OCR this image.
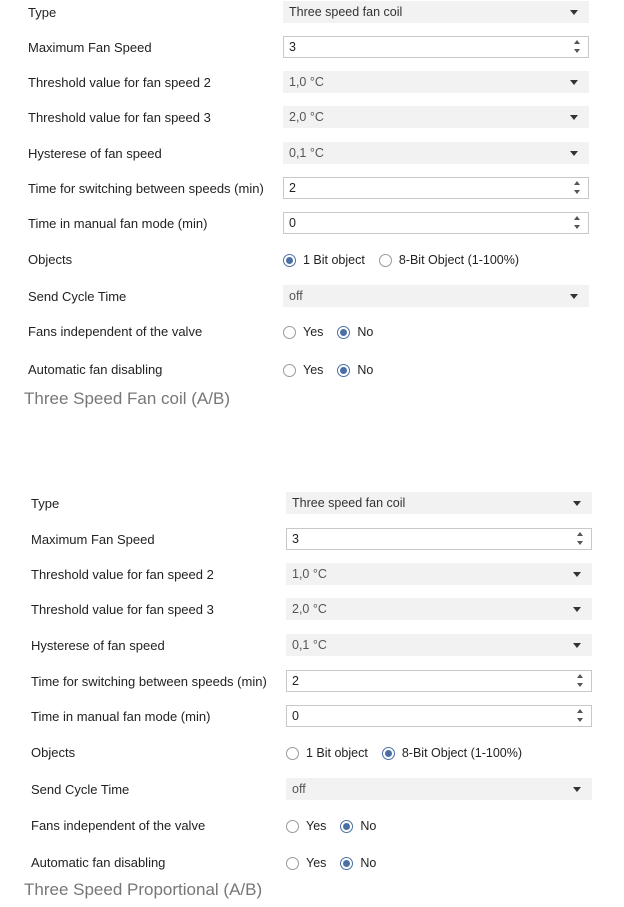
Type	Three speed fan coil
Maximum Fan Speed	3
Threshold value for fan speed 2	1,0 °C
Threshold value for fan speed 3	2,0 °C
Hysterese of fan speed	0,1 °C
Time for switching between speeds (min)	2
Time in manual fan mode (min)	0
Objects	1 Bit object	8-Bit Object (1-100%)
Send Cycle Time	off
Fans independent of the valve	Yes	No
Automatic fan disabling	Yes	No
Three Speed Fan coil (A/B)
Type	Three speed fan coil
Maximum Fan Speed	3
Threshold value for fan speed 2	1,0 °C
Threshold value for fan speed 3	2,0 °C
Hysterese of fan speed	0,1 °C
Time for switching between speeds (min)	2
Time in manual fan mode (min)	0
Objects	1 Bit object	8-Bit Object (1-100%)
Send Cycle Time	off
Fans independent of the valve	Yes	No
Automatic fan disabling	Yes	No
Three Speed Proportional (A/B)
